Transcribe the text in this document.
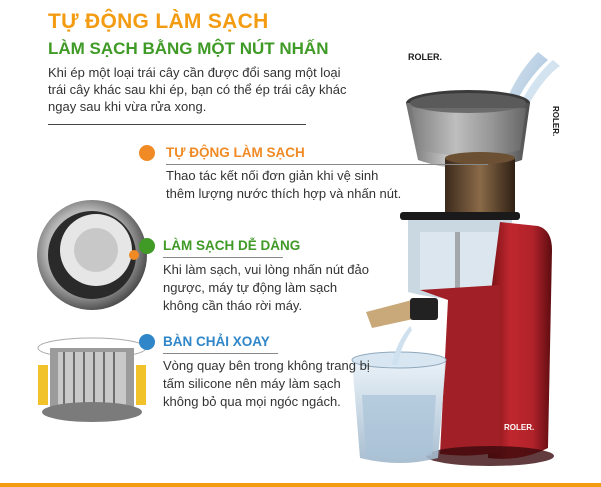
ROLER.
ROLER.
ROLER.
TỰ ĐỘNG LÀM SẠCH
LÀM SẠCH BẰNG MỘT NÚT NHẤN
Khi ép một loại trái cây cần được đổi sang một loại trái cây khác sau khi ép, bạn có thể ép trái cây khác ngay sau khi vừa rửa xong.
TỰ ĐỘNG LÀM SẠCH
Thao tác kết nối đơn giản khi vệ sinh thêm lượng nước thích hợp và nhấn nút.
LÀM SẠCH DỄ DÀNG
Khi làm sạch, vui lòng nhấn nút đảo ngược, máy tự động làm sạch không cần tháo rời máy.
BÀN CHẢI XOAY
Vòng quay bên trong không trang bị tấm silicone nên máy làm sạch không bỏ qua mọi ngóc ngách.
